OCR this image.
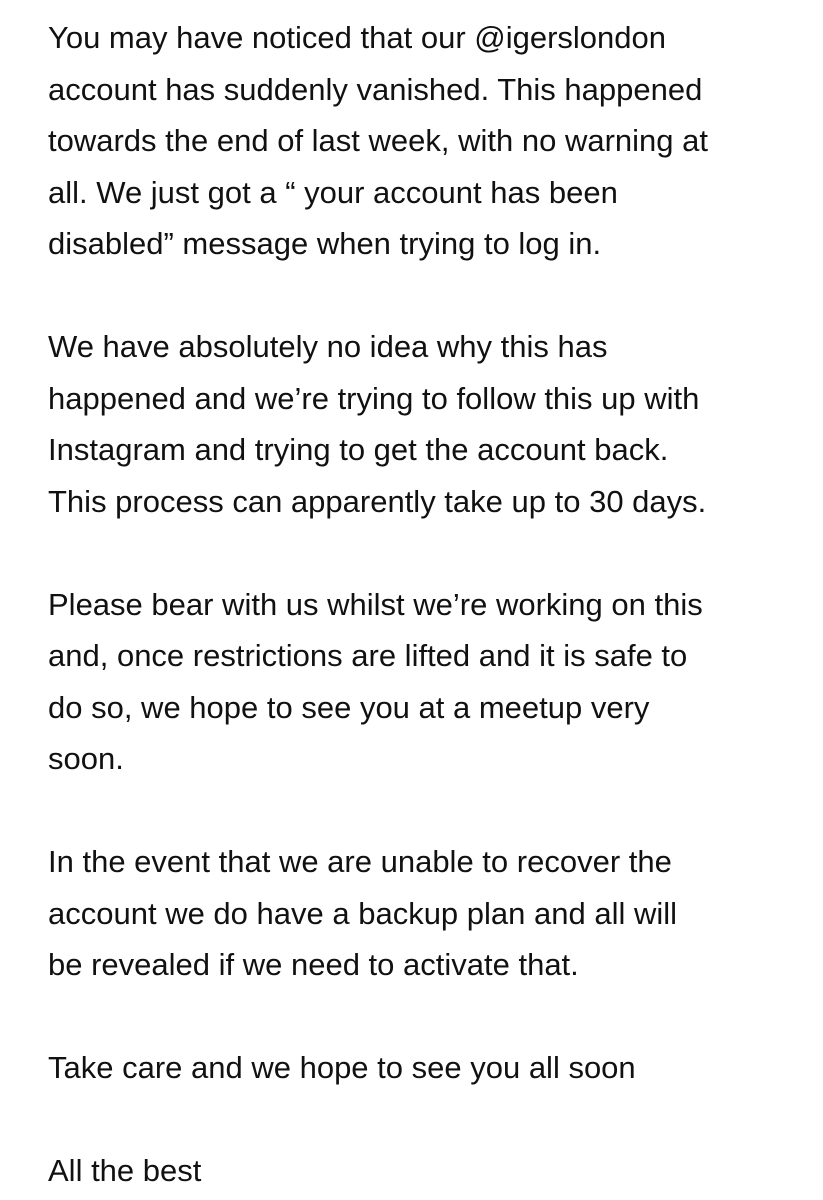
You may have noticed that our @igerslondon
account has suddenly vanished. This happened
towards the end of last week, with no warning at
all. We just got a “ your account has been
disabled” message when trying to log in.
We have absolutely no idea why this has
happened and we’re trying to follow this up with
Instagram and trying to get the account back.
This process can apparently take up to 30 days.
Please bear with us whilst we’re working on this
and, once restrictions are lifted and it is safe to
do so, we hope to see you at a meetup very
soon.
In the event that we are unable to recover the
account we do have a backup plan and all will
be revealed if we need to activate that.
Take care and we hope to see you all soon
All the best
